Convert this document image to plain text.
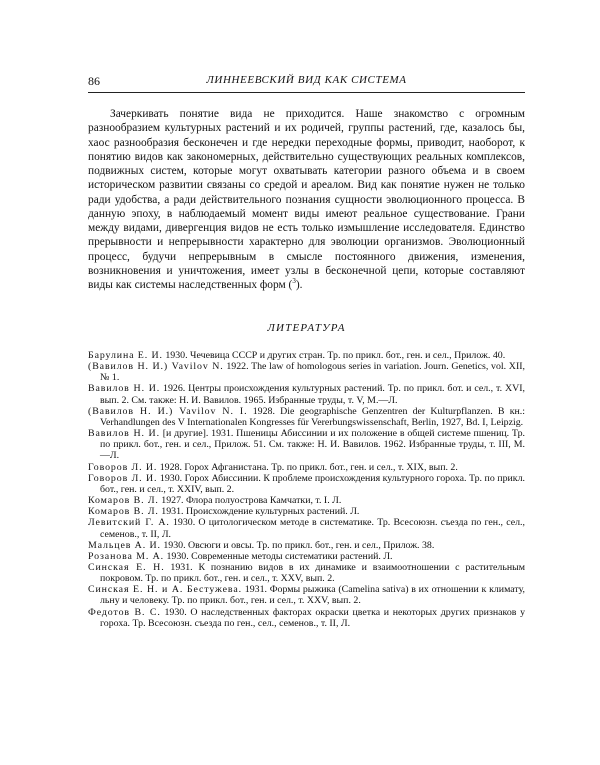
86	ЛИННЕЕВСКИЙ ВИД КАК СИСТЕМА

Зачеркивать понятие вида не приходится. Наше знакомство с огромным разнообразием культурных растений и их родичей, группы растений, где, казалось бы, хаос разнообразия бесконечен и где нередки переходные формы, приводит, наоборот, к понятию видов как закономерных, действительно существующих реальных комплексов, подвижных систем, которые могут охватывать категории разного объема и в своем историческом развитии связаны со средой и ареалом. Вид как понятие нужен не только ради удобства, а ради действительного познания сущности эволюционного процесса. В данную эпоху, в наблюдаемый момент виды имеют реальное существование. Грани между видами, дивергенция видов не есть только измышление исследователя. Единство прерывности и непрерывности характерно для эволюции организмов. Эволюционный процесс, будучи непрерывным в смысле постоянного движения, изменения, возникновения и уничтожения, имеет узлы в бесконечной цепи, которые составляют виды как системы наследственных форм ($^3$).

ЛИТЕРАТУРА
Барулина Е. И. 1930. Чечевица СССР и других стран. Тр. по прикл. бот., ген. и сел., Прилож. 40.
(Вавилов Н. И.) Vavilov N. 1922. The law of homologous series in variation. Journ. Genetics, vol. XII, № 1.
Вавилов Н. И. 1926. Центры происхождения культурных растений. Тр. по прикл. бот. и сел., т. XVI, вып. 2. См. также: Н. И. Вавилов. 1965. Избранные труды, т. V, М.—Л.
(Вавилов Н. И.) Vavilov N. I. 1928. Die geographische Genzentren der Kulturpflanzen. В кн.: Verhandlungen des V Internationalen Kongresses für Vererbungswissenschaft, Berlin, 1927, Bd. I, Leipzig.
Вавилов Н. И. [и другие]. 1931. Пшеницы Абиссинии и их положение в общей системе пшениц. Тр. по прикл. бот., ген. и сел., Прилож. 51. См. также: Н. И. Вавилов. 1962. Избранные труды, т. III, М.—Л.
Говоров Л. И. 1928. Горох Афганистана. Тр. по прикл. бот., ген. и сел., т. XIX, вып. 2.
Говоров Л. И. 1930. Горох Абиссинии. К проблеме происхождения культурного гороха. Тр. по прикл. бот., ген. и сел., т. XXIV, вып. 2.
Комаров В. Л. 1927. Флора полуострова Камчатки, т. I. Л.
Комаров В. Л. 1931. Происхождение культурных растений. Л.
Левитский Г. А. 1930. О цитологическом методе в систематике. Тр. Всесоюзн. съезда по ген., сел., семенов., т. II, Л.
Мальцев А. И. 1930. Овсюги и овсы. Тр. по прикл. бот., ген. и сел., Прилож. 38.
Розанова М. А. 1930. Современные методы систематики растений. Л.
Синская Е. Н. 1931. К познанию видов в их динамике и взаимоотношении с растительным покровом. Тр. по прикл. бот., ген. и сел., т. XXV, вып. 2.
Синская Е. Н. и А. Бестужева. 1931. Формы рыжика (Camelina sativa) в их отношении к климату, льну и человеку. Тр. по прикл. бот., ген. и сел., т. XXV, вып. 2.
Федотов В. С. 1930. О наследственных факторах окраски цветка и некоторых других признаков у гороха. Тр. Всесоюзн. съезда по ген., сел., семенов., т. II, Л.
